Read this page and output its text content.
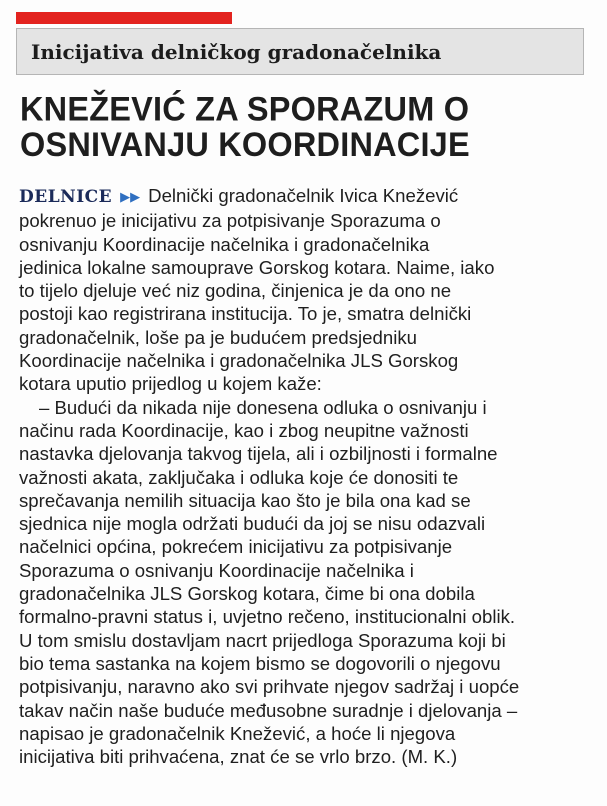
Inicijativa delničkog gradonačelnika
KNEŽEVIĆ ZA SPORAZUM O
OSNIVANJU KOORDINACIJE
DELNICE ▶▶ Delnički gradonačelnik Ivica Knežević
pokrenuo je inicijativu za potpisivanje Sporazuma o
osnivanju Koordinacije načelnika i gradonačelnika
jedinica lokalne samouprave Gorskog kotara. Naime, iako
to tijelo djeluje već niz godina, činjenica je da ono ne
postoji kao registrirana institucija. To je, smatra delnički
gradonačelnik, loše pa je budućem predsjedniku
Koordinacije načelnika i gradonačelnika JLS Gorskog
kotara uputio prijedlog u kojem kaže:
– Budući da nikada nije donesena odluka o osnivanju i
načinu rada Koordinacije, kao i zbog neupitne važnosti
nastavka djelovanja takvog tijela, ali i ozbiljnosti i formalne
važnosti akata, zaključaka i odluka koje će donositi te
sprečavanja nemilih situacija kao što je bila ona kad se
sjednica nije mogla održati budući da joj se nisu odazvali
načelnici općina, pokrećem inicijativu za potpisivanje
Sporazuma o osnivanju Koordinacije načelnika i
gradonačelnika JLS Gorskog kotara, čime bi ona dobila
formalno-pravni status i, uvjetno rečeno, institucionalni oblik.
U tom smislu dostavljam nacrt prijedloga Sporazuma koji bi
bio tema sastanka na kojem bismo se dogovorili o njegovu
potpisivanju, naravno ako svi prihvate njegov sadržaj i uopće
takav način naše buduće međusobne suradnje i djelovanja –
napisao je gradonačelnik Knežević, a hoće li njegova
inicijativa biti prihvaćena, znat će se vrlo brzo. (M. K.)
